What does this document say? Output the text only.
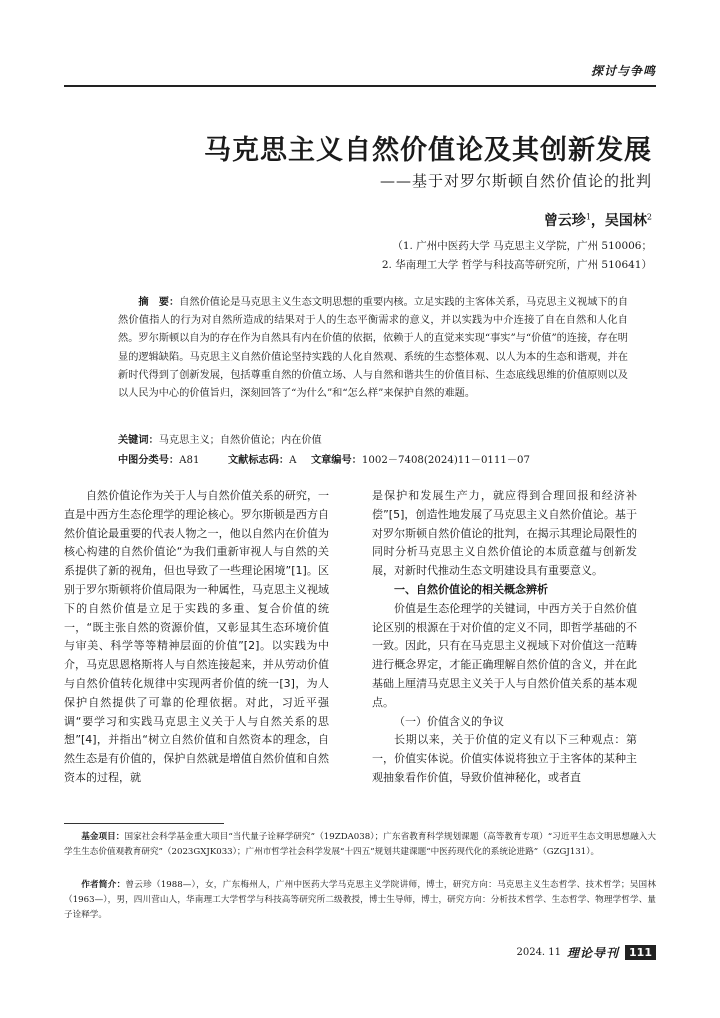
探讨与争鸣
马克思主义自然价值论及其创新发展
——基于对罗尔斯顿自然价值论的批判
曾云珍$^1$，吴国林$^2$
（1. 广州中医药大学 马克思主义学院，广州 510006；
2. 华南理工大学 哲学与科技高等研究所，广州 510641）
摘　要：自然价值论是马克思主义生态文明思想的重要内核。立足实践的主客体关系，马克思主义视域下的自然价值指人的行为对自然所造成的结果对于人的生态平衡需求的意义，并以实践为中介连接了自在自然和人化自然。罗尔斯顿以自为的存在作为自然具有内在价值的依据，依赖于人的直觉来实现“事实”与“价值”的连接，存在明显的逻辑缺陷。马克思主义自然价值论坚持实践的人化自然观、系统的生态整体观、以人为本的生态和谐观，并在新时代得到了创新发展，包括尊重自然的价值立场、人与自然和谐共生的价值目标、生态底线思维的价值原则以及以人民为中心的价值旨归，深刻回答了“为什么”和“怎么样”来保护自然的难题。
关键词：马克思主义；自然价值论；内在价值
中图分类号：A81	文献标志码：A 文章编号：1002－7408(2024)11－0111－07

自然价值论作为关于人与自然价值关系的研究，一直是中西方生态伦理学的理论核心。罗尔斯顿是西方自然价值论最重要的代表人物之一，他以自然内在价值为核心构建的自然价值论“为我们重新审视人与自然的关系提供了新的视角，但也导致了一些理论困境”[1]。区别于罗尔斯顿将价值局限为一种属性，马克思主义视域下的自然价值是立足于实践的多重、复合价值的统一，“既主张自然的资源价值，又彰显其生态环境价值与审美、科学等等精神层面的价值”[2]。以实践为中介，马克思恩格斯将人与自然连接起来，并从劳动价值与自然价值转化规律中实现两者价值的统一[3]，为人保护自然提供了可靠的伦理依据。对此，习近平强调“要学习和实践马克思主义关于人与自然关系的思想”[4]，并指出“树立自然价值和自然资本的理念，自然生态是有价值的，保护自然就是增值自然价值和自然资本的过程，就

是保护和发展生产力，就应得到合理回报和经济补偿”[5]，创造性地发展了马克思主义自然价值论。基于对罗尔斯顿自然价值论的批判，在揭示其理论局限性的同时分析马克思主义自然价值论的本质意蕴与创新发展，对新时代推动生态文明建设具有重要意义。

一、自然价值论的相关概念辨析

价值是生态伦理学的关键词，中西方关于自然价值论区别的根源在于对价值的定义不同，即哲学基础的不一致。因此，只有在马克思主义视域下对价值这一范畴进行概念界定，才能正确理解自然价值的含义，并在此基础上厘清马克思主义关于人与自然价值关系的基本观点。

（一）价值含义的争议

长期以来，关于价值的定义有以下三种观点：第一，价值实体说。价值实体说将独立于主客体的某种主观抽象看作价值，导致价值神秘化，或者直

基金项目：国家社会科学基金重大项目“当代量子诠释学研究”（19ZDA038）；广东省教育科学规划课题（高等教育专项）“习近平生态文明思想融入大学生生态价值观教育研究”（2023GXJK033）；广州市哲学社会科学发展“十四五”规划共建课题“中医药现代化的系统论进路”（GZGJ131）。
作者简介：曾云珍（1988—），女，广东梅州人，广州中医药大学马克思主义学院讲师，博士，研究方向：马克思主义生态哲学、技术哲学；吴国林（1963—），男，四川营山人，华南理工大学哲学与科技高等研究所二级教授，博士生导师，博士，研究方向：分析技术哲学、生态哲学、物理学哲学、量子诠释学。
2024. 11 理论导刊 111
